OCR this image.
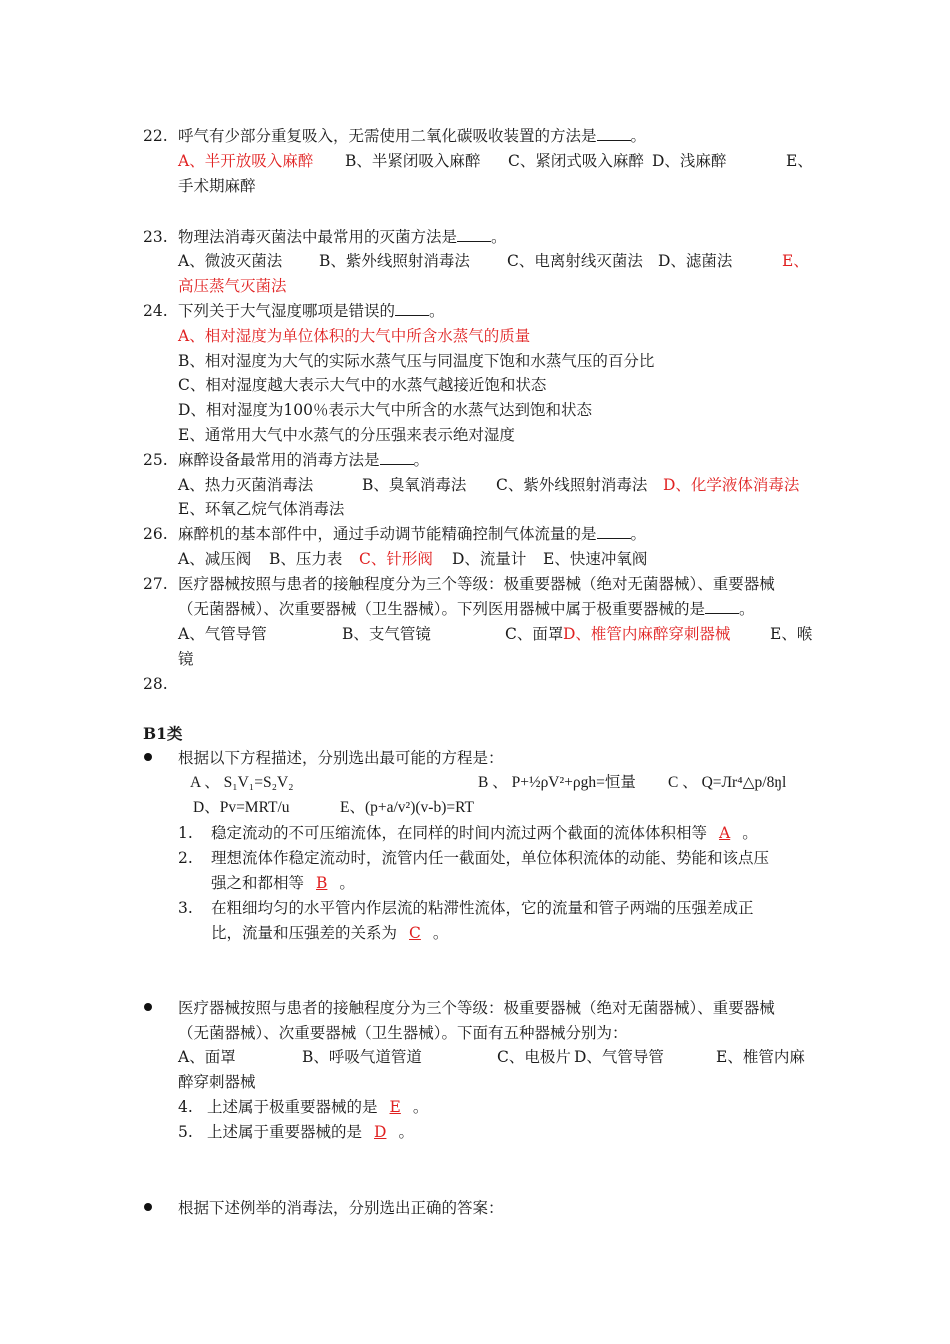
22. 呼气有少部分重复吸入，无需使用二氧化碳吸收装置的方法是 。
A、半开放吸入麻醉 B、半紧闭吸入麻醉 C、紧闭式吸入麻醉 D、浅麻醉	E、
手术期麻醉
23. 物理法消毒灭菌法中最常用的灭菌方法是 。
A、微波灭菌法 B、紫外线照射消毒法 C、电离射线灭菌法 D、滤菌法	E、
高压蒸气灭菌法
24. 下列关于大气湿度哪项是错误的 。
A、相对湿度为单位体积的大气中所含水蒸气的质量
B、相对湿度为大气的实际水蒸气压与同温度下饱和水蒸气压的百分比
C、相对湿度越大表示大气中的水蒸气越接近饱和状态
D、相对湿度为100％表示大气中所含的水蒸气达到饱和状态
E、通常用大气中水蒸气的分压强来表示绝对湿度
25. 麻醉设备最常用的消毒方法是 。
A、热力灭菌消毒法	B、臭氧消毒法 C、紫外线照射消毒法 D、化学液体消毒法
E、环氧乙烷气体消毒法
26. 麻醉机的基本部件中，通过手动调节能精确控制气体流量的是 。
A、减压阀 B、压力表 C、针形阀 D、流量计 E、快速冲氧阀
27. 医疗器械按照与患者的接触程度分为三个等级：极重要器械（绝对无菌器械）、重要器械
（无菌器械）、次重要器械（卫生器械）。下列医用器械中属于极重要器械的是 。
A、气管导管	B、支气管镜	C、面罩 D、椎管内麻醉穿刺器械	E、喉
镜
28.
B1类
根据以下方程描述，分别选出最可能的方程是：
A 、 S₁V₁=S₂V₂	B 、 P+½ρV²+ρgh=恒量 C 、 Q=Лr⁴△p/8ŋl
D、Pv=MRT/u	E、(p+a/v²)(v-b)=RT
1. 稳定流动的不可压缩流体，在同样的时间内流过两个截面的流体体积相等 A 。
2. 理想流体作稳定流动时，流管内任一截面处，单位体积流体的动能、势能和该点压
强之和都相等 B 。
3. 在粗细均匀的水平管内作层流的粘滞性流体，它的流量和管子两端的压强差成正
比，流量和压强差的关系为 C 。
医疗器械按照与患者的接触程度分为三个等级：极重要器械（绝对无菌器械）、重要器械
（无菌器械）、次重要器械（卫生器械）。下面有五种器械分别为：
A、面罩	B、呼吸气道管道	C、电极片 D、气管导管	E、椎管内麻
醉穿刺器械
4. 上述属于极重要器械的是 E 。
5. 上述属于重要器械的是 D 。
根据下述例举的消毒法，分别选出正确的答案：
